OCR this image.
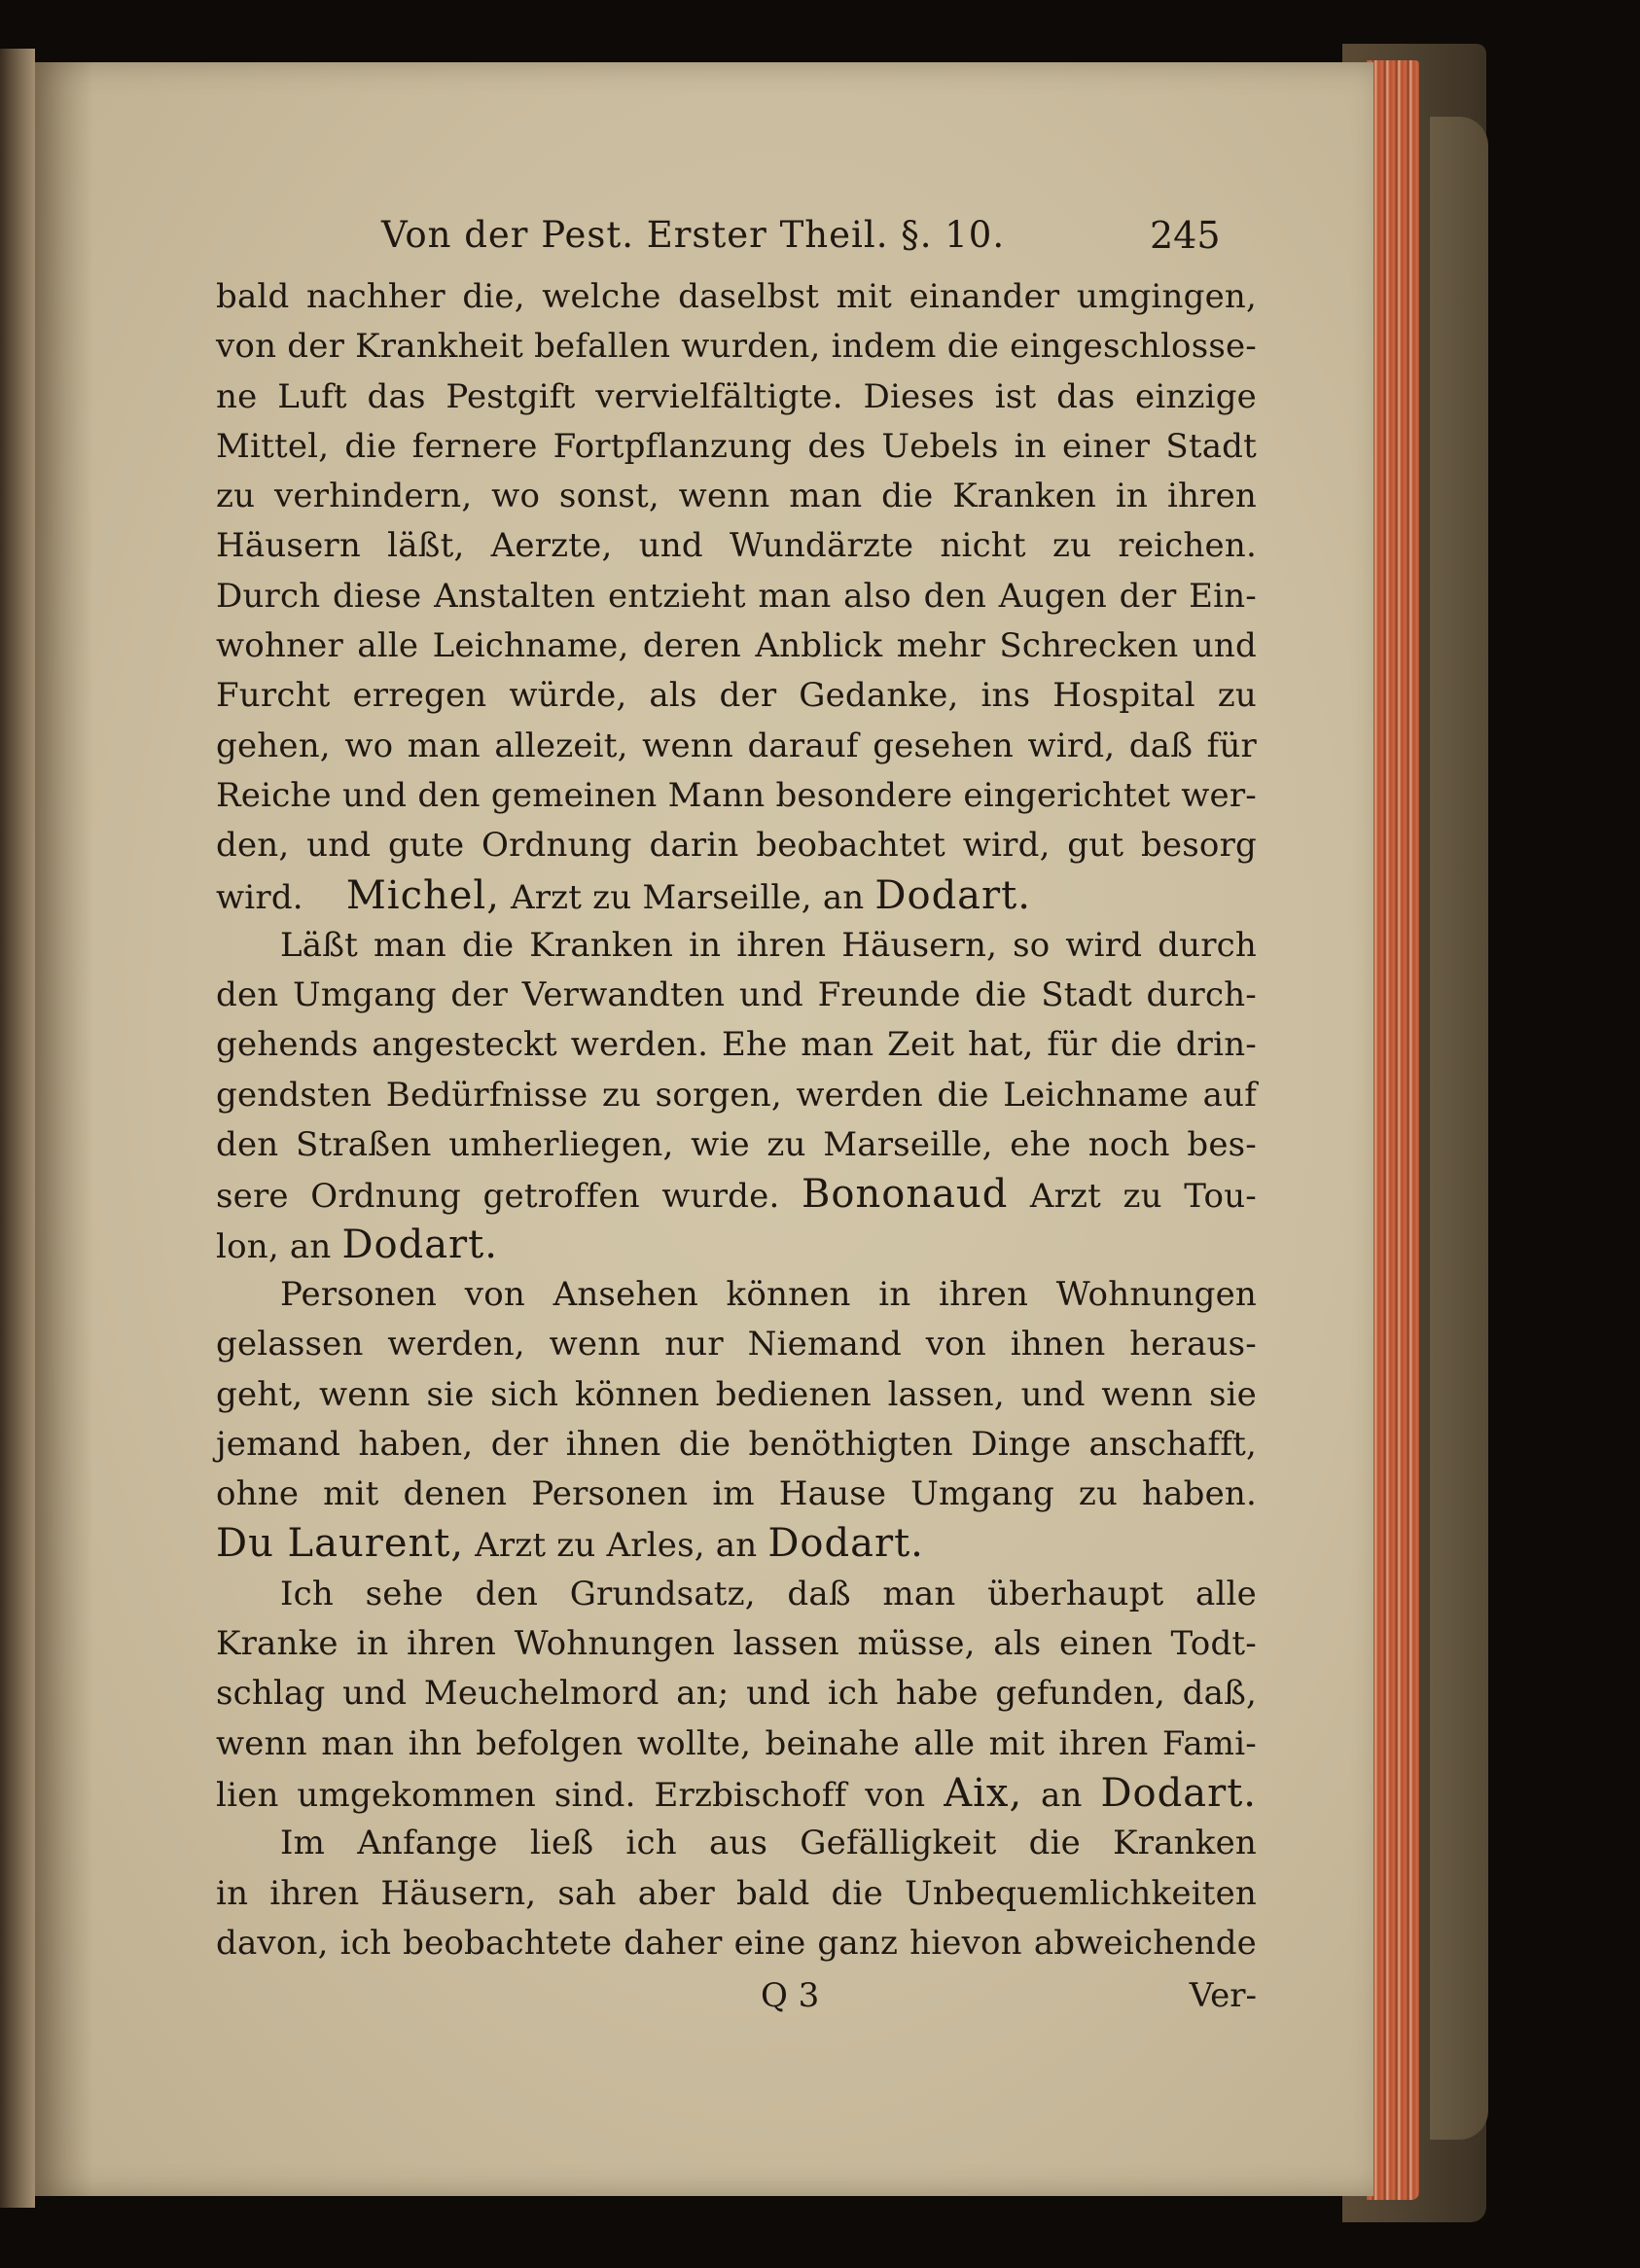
Von der Pest. Erster Theil. §. 10.	245
bald nachher die, welche daselbst mit einander umgingen,
von der Krankheit befallen wurden, indem die eingeschlosse-
ne Luft das Pestgift vervielfältigte. Dieses ist das einzige
Mittel, die fernere Fortpflanzung des Uebels in einer Stadt
zu verhindern, wo sonst, wenn man die Kranken in ihren
Häusern läßt, Aerzte, und Wundärzte nicht zu reichen.
Durch diese Anstalten entzieht man also den Augen der Ein-
wohner alle Leichname, deren Anblick mehr Schrecken und
Furcht erregen würde, als der Gedanke, ins Hospital zu
gehen, wo man allezeit, wenn darauf gesehen wird, daß für
Reiche und den gemeinen Mann besondere eingerichtet wer-
den, und gute Ordnung darin beobachtet wird, gut besorg
wird. Michel, Arzt zu Marseille, an Dodart.
Läßt man die Kranken in ihren Häusern, so wird durch
den Umgang der Verwandten und Freunde die Stadt durch-
gehends angesteckt werden. Ehe man Zeit hat, für die drin-
gendsten Bedürfnisse zu sorgen, werden die Leichname auf
den Straßen umherliegen, wie zu Marseille, ehe noch bes-
sere Ordnung getroffen wurde. Bononaud Arzt zu Tou-
lon, an Dodart.
Personen von Ansehen können in ihren Wohnungen
gelassen werden, wenn nur Niemand von ihnen heraus-
geht, wenn sie sich können bedienen lassen, und wenn sie
jemand haben, der ihnen die benöthigten Dinge anschafft,
ohne mit denen Personen im Hause Umgang zu haben.
Du Laurent, Arzt zu Arles, an Dodart.
Ich sehe den Grundsatz, daß man überhaupt alle
Kranke in ihren Wohnungen lassen müsse, als einen Todt-
schlag und Meuchelmord an; und ich habe gefunden, daß,
wenn man ihn befolgen wollte, beinahe alle mit ihren Fami-
lien umgekommen sind. Erzbischoff von Aix, an Dodart.
Im Anfange ließ ich aus Gefälligkeit die Kranken
in ihren Häusern, sah aber bald die Unbequemlichkeiten
davon, ich beobachtete daher eine ganz hievon abweichende
Q 3	Ver-
